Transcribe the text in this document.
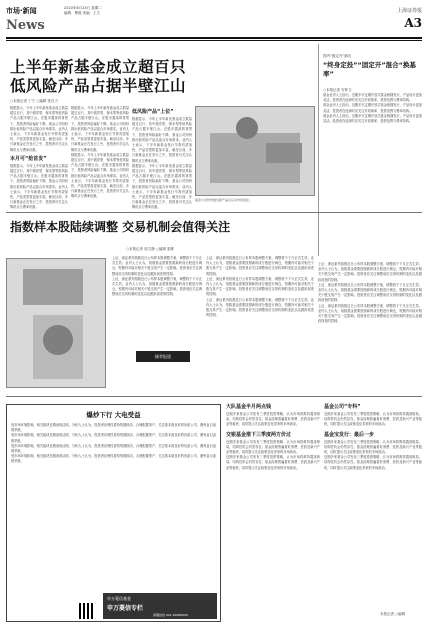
市场·新闻	2010年8月24日 星期二
编辑：曹熙 美编：王文
News
上海证券报
A3
上半年新基金成立超百只
低风险产品占据半壁江山
○本报记者 丁宁 ○编辑 张自力
数据显示，今年上半年新发基金成立数量超过百只，其中债券型、保本型等低风险产品占据半壁江山。在股市震荡的背景下，投资者风险偏好下降，基金公司纷纷推出低风险产品以迎合市场需求。业内人士表示，下半年新基金发行节奏有望加快，产品类型将更加丰富。截至目前，多只新基金正在发行之中，投资者可关注认购时点与费率优惠。
本月可“抢首发”
数据显示，今年上半年新发基金成立数量超过百只，其中债券型、保本型等低风险产品占据半壁江山。在股市震荡的背景下，投资者风险偏好下降，基金公司纷纷推出低风险产品以迎合市场需求。业内人士表示，下半年新基金发行节奏有望加快，产品类型将更加丰富。截至目前，多只新基金正在发行之中，投资者可关注认购时点与费率优惠。
数据显示，今年上半年新发基金成立数量超过百只，其中债券型、保本型等低风险产品占据半壁江山。在股市震荡的背景下，投资者风险偏好下降，基金公司纷纷推出低风险产品以迎合市场需求。业内人士表示，下半年新基金发行节奏有望加快，产品类型将更加丰富。截至目前，多只新基金正在发行之中，投资者可关注认购时点与费率优惠。
数据显示，今年上半年新发基金成立数量超过百只，其中债券型、保本型等低风险产品占据半壁江山。在股市震荡的背景下，投资者风险偏好下降，基金公司纷纷推出低风险产品以迎合市场需求。业内人士表示，下半年新基金发行节奏有望加快，产品类型将更加丰富。截至目前，多只新基金正在发行之中，投资者可关注认购时点与费率优惠。
低风险产品“上位”
数据显示，今年上半年新发基金成立数量超过百只，其中债券型、保本型等低风险产品占据半壁江山。在股市震荡的背景下，投资者风险偏好下降，基金公司纷纷推出低风险产品以迎合市场需求。业内人士表示，下半年新基金发行节奏有望加快，产品类型将更加丰富。截至目前，多只新基金正在发行之中，投资者可关注认购时点与费率优惠。
数据显示，今年上半年新发基金成立数量超过百只，其中债券型、保本型等低风险产品占据半壁江山。在股市震荡的背景下，投资者风险偏好下降，基金公司纷纷推出低风险产品以迎合市场需求。业内人士表示，下半年新基金发行节奏有望加快，产品类型将更加丰富。截至目前，多只新基金正在发行之中，投资者可关注认购时点与费率优惠。
基金公司纷纷推出新产品以应对市场变化。
国内“固定开”频出
“终身定投”“固定开”混合“换基率”
○本报记者 安仲文
基金业内人士指出，近期多只定期开放式基金相继发行，产品设计更加灵活。投资者在选择时应关注开放频率、投资范围与费率结构。
基金业内人士指出，近期多只定期开放式基金相继发行，产品设计更加灵活。投资者在选择时应关注开放频率、投资范围与费率结构。
基金业内人士指出，近期多只定期开放式基金相继发行，产品设计更加灵活。投资者在选择时应关注开放频率、投资范围与费率结构。
指数样本股陆续调整 交易机制会值得关注
○本报记者 周文静 ○编辑 梁维
上证、深证系列指数近日公布样本股调整方案，调整将于下月正式生效。业内人士认为，指数基金需要按照新的成分股进行调仓，短期内可能对相关个股交易产生一定影响。投资者应关注调整前后交易机制的变化以及跟踪误差的控制。
上证、深证系列指数近日公布样本股调整方案，调整将于下月正式生效。业内人士认为，指数基金需要按照新的成分股进行调仓，短期内可能对相关个股交易产生一定影响。投资者应关注调整前后交易机制的变化以及跟踪误差的控制。
上证、深证系列指数近日公布样本股调整方案，调整将于下月正式生效。业内人士认为，指数基金需要按照新的成分股进行调仓，短期内可能对相关个股交易产生一定影响。投资者应关注调整前后交易机制的变化以及跟踪误差的控制。
上证、深证系列指数近日公布样本股调整方案，调整将于下月正式生效。业内人士认为，指数基金需要按照新的成分股进行调仓，短期内可能对相关个股交易产生一定影响。投资者应关注调整前后交易机制的变化以及跟踪误差的控制。
上证、深证系列指数近日公布样本股调整方案，调整将于下月正式生效。业内人士认为，指数基金需要按照新的成分股进行调仓，短期内可能对相关个股交易产生一定影响。投资者应关注调整前后交易机制的变化以及跟踪误差的控制。
上证、深证系列指数近日公布样本股调整方案，调整将于下月正式生效。业内人士认为，指数基金需要按照新的成分股进行调仓，短期内可能对相关个股交易产生一定影响。投资者应关注调整前后交易机制的变化以及跟踪误差的控制。
上证、深证系列指数近日公布样本股调整方案，调整将于下月正式生效。业内人士认为，指数基金需要按照新的成分股进行调仓，短期内可能对相关个股交易产生一定影响。投资者应关注调整前后交易机制的变化以及跟踪误差的控制。
上证、深证系列指数近日公布样本股调整方案，调整将于下月正式生效。业内人士认为，指数基金需要按照新的成分股进行调仓，短期内可能对相关个股交易产生一定影响。投资者应关注调整前后交易机制的变化以及跟踪误差的控制。
顾苹报道
大队基金半月两点钱
近期多家基金公司发布三季度投资策略，认为市场将维持震荡格局，结构性机会仍然存在。基金经理普遍看好消费、医药及新兴产业等板块，同时提示关注政策变化带来的市场波动。
交银基金推下三季度两方价过
近期多家基金公司发布三季度投资策略，认为市场将维持震荡格局，结构性机会仍然存在。基金经理普遍看好消费、医药及新兴产业等板块，同时提示关注政策变化带来的市场波动。
近期多家基金公司发布三季度投资策略，认为市场将维持震荡格局，结构性机会仍然存在。基金经理普遍看好消费、医药及新兴产业等板块，同时提示关注政策变化带来的市场波动。
基金公司“专科”
近期多家基金公司发布三季度投资策略，认为市场将维持震荡格局，结构性机会仍然存在。基金经理普遍看好消费、医药及新兴产业等板块，同时提示关注政策变化带来的市场波动。
基金宝发行：最后一步
近期多家基金公司发布三季度投资策略，认为市场将维持震荡格局，结构性机会仍然存在。基金经理普遍看好消费、医药及新兴产业等板块，同时提示关注政策变化带来的市场波动。
近期多家基金公司发布三季度投资策略，认为市场将维持震荡格局，结构性机会仍然存在。基金经理普遍看好消费、医药及新兴产业等板块，同时提示关注政策变化带来的市场波动。
爆炒下行 大电受益
受市场环境影响，相关板块近期表现活跃。分析人士认为，投资者应理性看待短期波动，合理配置资产，关注基本面良好的优质公司，避免盲目追涨杀跌。
受市场环境影响，相关板块近期表现活跃。分析人士认为，投资者应理性看待短期波动，合理配置资产，关注基本面良好的优质公司，避免盲目追涨杀跌。
受市场环境影响，相关板块近期表现活跃。分析人士认为，投资者应理性看待短期波动，合理配置资产，关注基本面良好的优质公司，避免盲目追涨杀跌。
受市场环境影响，相关板块近期表现活跃。分析人士认为，投资者应理性看待短期波动，合理配置资产，关注基本面良好的优质公司，避免盲目追涨杀跌。
申万菱信基金
申万菱信专栏
客服热线 021-00000000	本报记者 ○编辑
